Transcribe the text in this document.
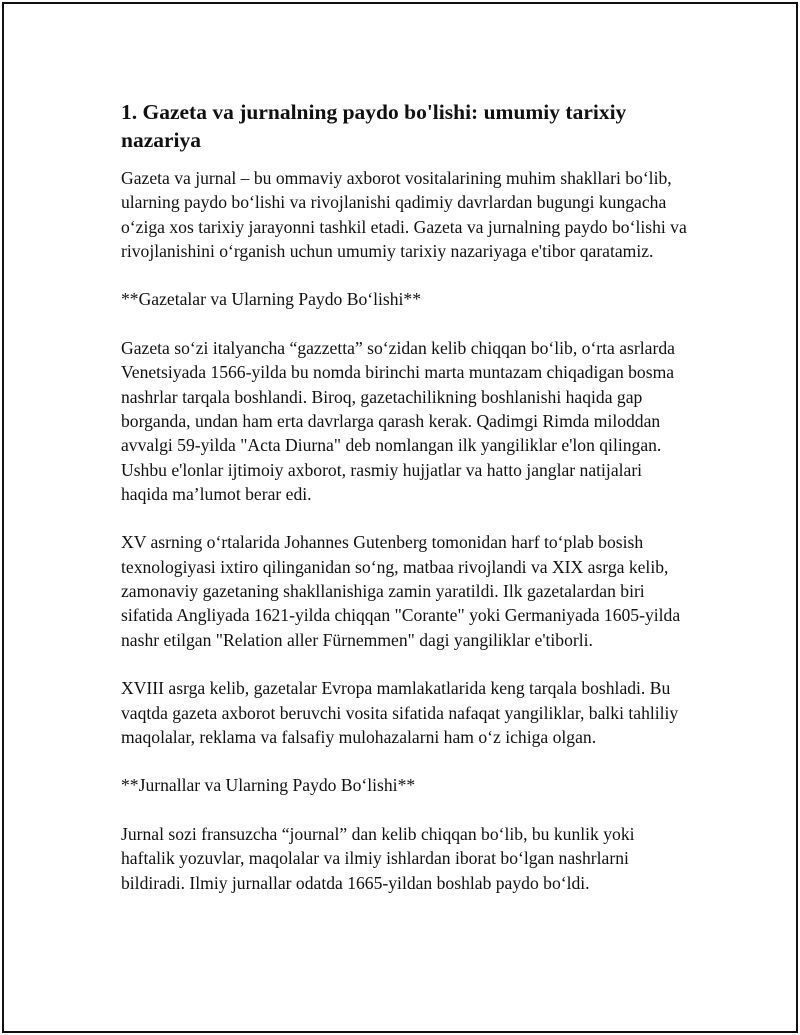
1. Gazeta va jurnalning paydo bo'lishi: umumiy tarixiy nazariya

Gazeta va jurnal – bu ommaviy axborot vositalarining muhim shakllari bo‘lib, ularning paydo bo‘lishi va rivojlanishi qadimiy davrlardan bugungi kungacha o‘ziga xos tarixiy jarayonni tashkil etadi. Gazeta va jurnalning paydo bo‘lishi va rivojlanishini o‘rganish uchun umumiy tarixiy nazariyaga e'tibor qaratamiz.

**Gazetalar va Ularning Paydo Bo‘lishi**

Gazeta so‘zi italyancha “gazzetta” so‘zidan kelib chiqqan bo‘lib, o‘rta asrlarda Venetsiyada 1566-yilda bu nomda birinchi marta muntazam chiqadigan bosma nashrlar tarqala boshlandi. Biroq, gazetachilikning boshlanishi haqida gap borganda, undan ham erta davrlarga qarash kerak. Qadimgi Rimda miloddan avvalgi 59-yilda "Acta Diurna" deb nomlangan ilk yangiliklar e'lon qilingan. Ushbu e'lonlar ijtimoiy axborot, rasmiy hujjatlar va hatto janglar natijalari haqida ma’lumot berar edi.

XV asrning o‘rtalarida Johannes Gutenberg tomonidan harf to‘plab bosish texnologiyasi ixtiro qilinganidan so‘ng, matbaa rivojlandi va XIX asrga kelib, zamonaviy gazetaning shakllanishiga zamin yaratildi. Ilk gazetalardan biri sifatida Angliyada 1621-yilda chiqqan "Corante" yoki Germaniyada 1605-yilda nashr etilgan "Relation aller Fürnemmen" dagi yangiliklar e'tiborli.

XVIII asrga kelib, gazetalar Evropa mamlakatlarida keng tarqala boshladi. Bu vaqtda gazeta axborot beruvchi vosita sifatida nafaqat yangiliklar, balki tahliliy maqolalar, reklama va falsafiy mulohazalarni ham o‘z ichiga olgan.

**Jurnallar va Ularning Paydo Bo‘lishi**

Jurnal sozi fransuzcha “journal” dan kelib chiqqan bo‘lib, bu kunlik yoki haftalik yozuvlar, maqolalar va ilmiy ishlardan iborat bo‘lgan nashrlarni bildiradi. Ilmiy jurnallar odatda 1665-yildan boshlab paydo bo‘ldi.
